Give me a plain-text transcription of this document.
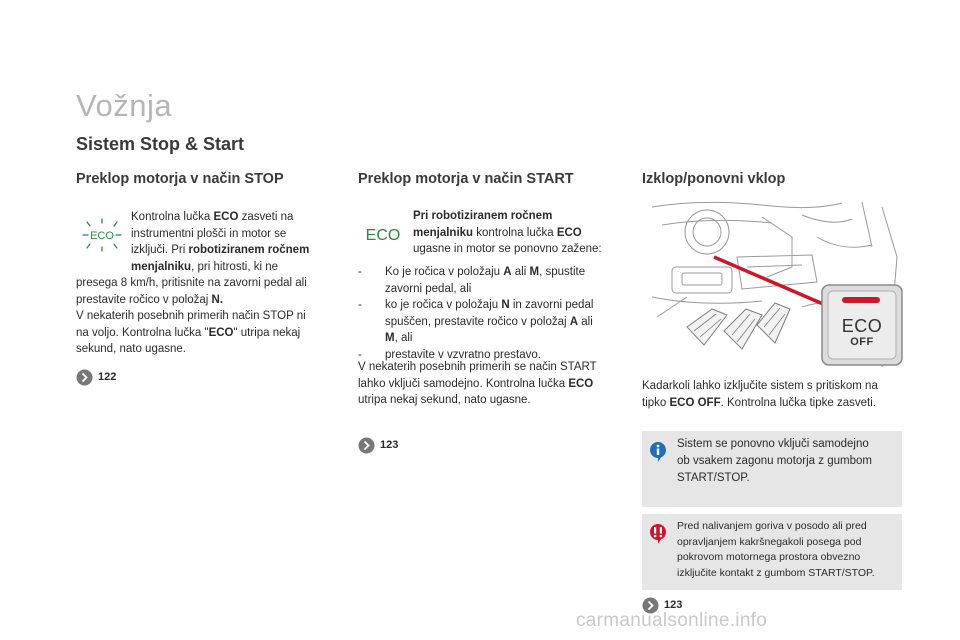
Vožnja
Sistem Stop & Start
Preklop motorja v način STOP
ECO
Kontrolna lučka ECO zasveti na
instrumentni plošči in motor se
izključi. Pri robotiziranem ročnem
menjalniku, pri hitrosti, ki ne
presega 8 km/h, pritisnite na zavorni pedal ali
prestavite ročico v položaj N.
V nekaterih posebnih primerih način STOP ni
na voljo. Kontrolna lučka "ECO" utripa nekaj
sekund, nato ugasne.
122
Preklop motorja v način START
ECO
Pri robotiziranem ročnem
menjalniku kontrolna lučka ECO
ugasne in motor se ponovno zažene:
- Ko je ročica v položaju A ali M, spustite
zavorni pedal, ali
- ko je ročica v položaju N in zavorni pedal
spuščen, prestavite ročico v položaj A ali
M, ali
- prestavite v vzvratno prestavo.
V nekaterih posebnih primerih se način START
lahko vključi samodejno. Kontrolna lučka ECO
utripa nekaj sekund, nato ugasne.
123
Izklop/ponovni vklop
ECO
OFF
Kadarkoli lahko izključite sistem s pritiskom na
tipko ECO OFF. Kontrolna lučka tipke zasveti.
Sistem se ponovno vključi samodejno
ob vsakem zagonu motorja z gumbom
START/STOP.
Pred nalivanjem goriva v posodo ali pred
opravljanjem kakršnegakoli posega pod
pokrovom motornega prostora obvezno
izključite kontakt z gumbom START/STOP.
123
carmanualsonline.info
